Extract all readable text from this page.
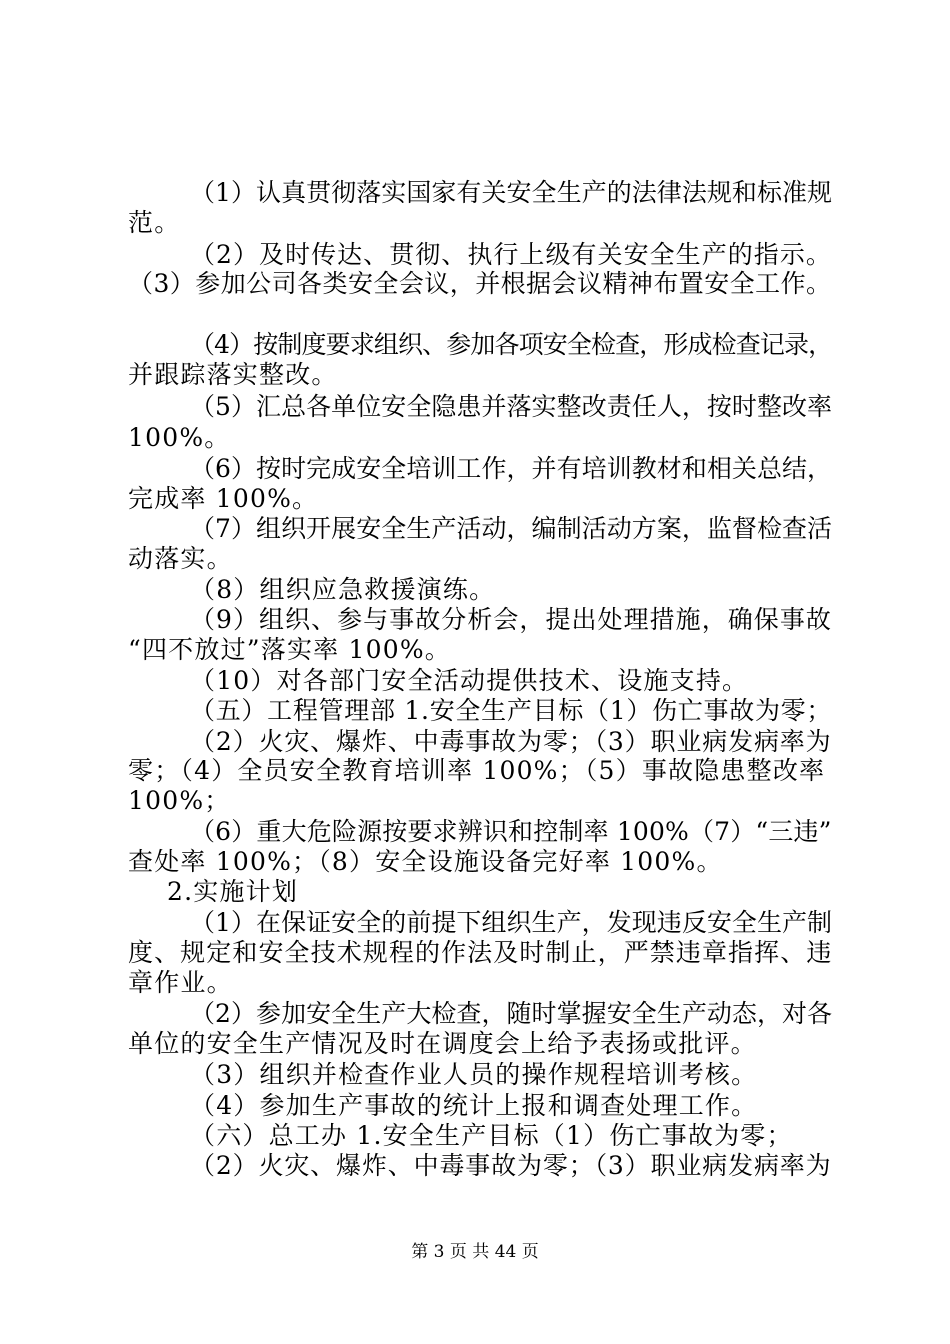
（1）认真贯彻落实国家有关安全生产的法律法规和标准规
范。
（2）及时传达、贯彻、执行上级有关安全生产的指示。
（3）参加公司各类安全会议，并根据会议精神布置安全工作。
（4）按制度要求组织、参加各项安全检查，形成检查记录，
并跟踪落实整改。
（5）汇总各单位安全隐患并落实整改责任人，按时整改率
100%。
（6）按时完成安全培训工作，并有培训教材和相关总结，
完成率 100%。
（7）组织开展安全生产活动，编制活动方案，监督检查活
动落实。
（8）组织应急救援演练。
（9）组织、参与事故分析会，提出处理措施，确保事故
“四不放过”落实率 100%。
（10）对各部门安全活动提供技术、设施支持。
（五）工程管理部 1.安全生产目标（1）伤亡事故为零；
（2）火灾、爆炸、中毒事故为零；（3）职业病发病率为
零；（4）全员安全教育培训率 100%；（5）事故隐患整改率
100%；
（6）重大危险源按要求辨识和控制率 100%（7）“三违”
查处率 100%；（8）安全设施设备完好率 100%。
2.实施计划
（1）在保证安全的前提下组织生产，发现违反安全生产制
度、规定和安全技术规程的作法及时制止，严禁违章指挥、违
章作业。
（2）参加安全生产大检查，随时掌握安全生产动态，对各
单位的安全生产情况及时在调度会上给予表扬或批评。
（3）组织并检查作业人员的操作规程培训考核。
（4）参加生产事故的统计上报和调查处理工作。
（六）总工办 1.安全生产目标（1）伤亡事故为零；
（2）火灾、爆炸、中毒事故为零；（3）职业病发病率为
第 3 页 共 44 页
